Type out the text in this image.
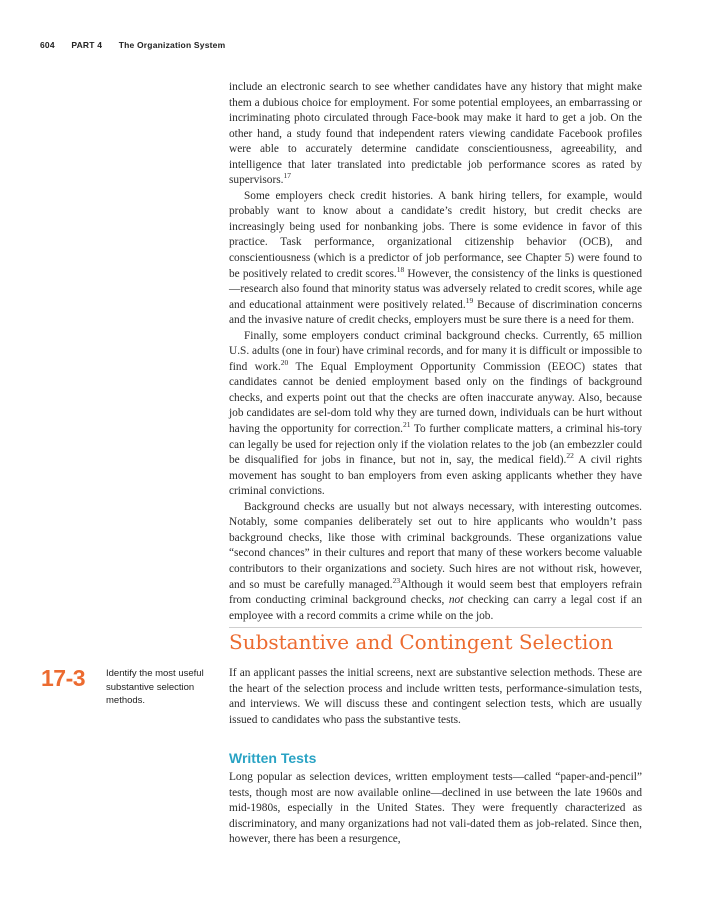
604 PART 4 The Organization System

include an electronic search to see whether candidates have any history that might make them a dubious choice for employment. For some potential employees, an embarrassing or incriminating photo circulated through Face-book may make it hard to get a job. On the other hand, a study found that independent raters viewing candidate Facebook profiles were able to accurately determine candidate conscientiousness, agreeability, and intelligence that later translated into predictable job performance scores as rated by supervisors.$^{17}$

Some employers check credit histories. A bank hiring tellers, for example, would probably want to know about a candidate’s credit history, but credit checks are increasingly being used for nonbanking jobs. There is some evidence in favor of this practice. Task performance, organizational citizenship behavior (OCB), and conscientiousness (which is a predictor of job performance, see Chapter 5) were found to be positively related to credit scores.$^{18}$ However, the consistency of the links is questioned—research also found that minority status was adversely related to credit scores, while age and educational attainment were positively related.$^{19}$ Because of discrimination concerns and the invasive nature of credit checks, employers must be sure there is a need for them.

Finally, some employers conduct criminal background checks. Currently, 65 million U.S. adults (one in four) have criminal records, and for many it is difficult or impossible to find work.$^{20}$ The Equal Employment Opportunity Commission (EEOC) states that candidates cannot be denied employment based only on the findings of background checks, and experts point out that the checks are often inaccurate anyway. Also, because job candidates are sel-dom told why they are turned down, individuals can be hurt without having the opportunity for correction.$^{21}$ To further complicate matters, a criminal his-tory can legally be used for rejection only if the violation relates to the job (an embezzler could be disqualified for jobs in finance, but not in, say, the medical field).$^{22}$ A civil rights movement has sought to ban employers from even asking applicants whether they have criminal convictions.

Background checks are usually but not always necessary, with interesting outcomes. Notably, some companies deliberately set out to hire applicants who wouldn’t pass background checks, like those with criminal backgrounds. These organizations value “second chances” in their cultures and report that many of these workers become valuable contributors to their organizations and society. Such hires are not without risk, however, and so must be carefully managed.$^{23}$Although it would seem best that employers refrain from conducting criminal background checks, not checking can carry a legal cost if an employee with a record commits a crime while on the job.

Substantive and Contingent Selection
17-3 Identify the most useful substantive selection methods.

If an applicant passes the initial screens, next are substantive selection methods. These are the heart of the selection process and include written tests, performance-simulation tests, and interviews. We will discuss these and contingent selection tests, which are usually issued to candidates who pass the substantive tests.

Written Tests

Long popular as selection devices, written employment tests—called “paper-and-pencil” tests, though most are now available online—declined in use between the late 1960s and mid-1980s, especially in the United States. They were frequently characterized as discriminatory, and many organizations had not vali-dated them as job-related. Since then, however, there has been a resurgence,
